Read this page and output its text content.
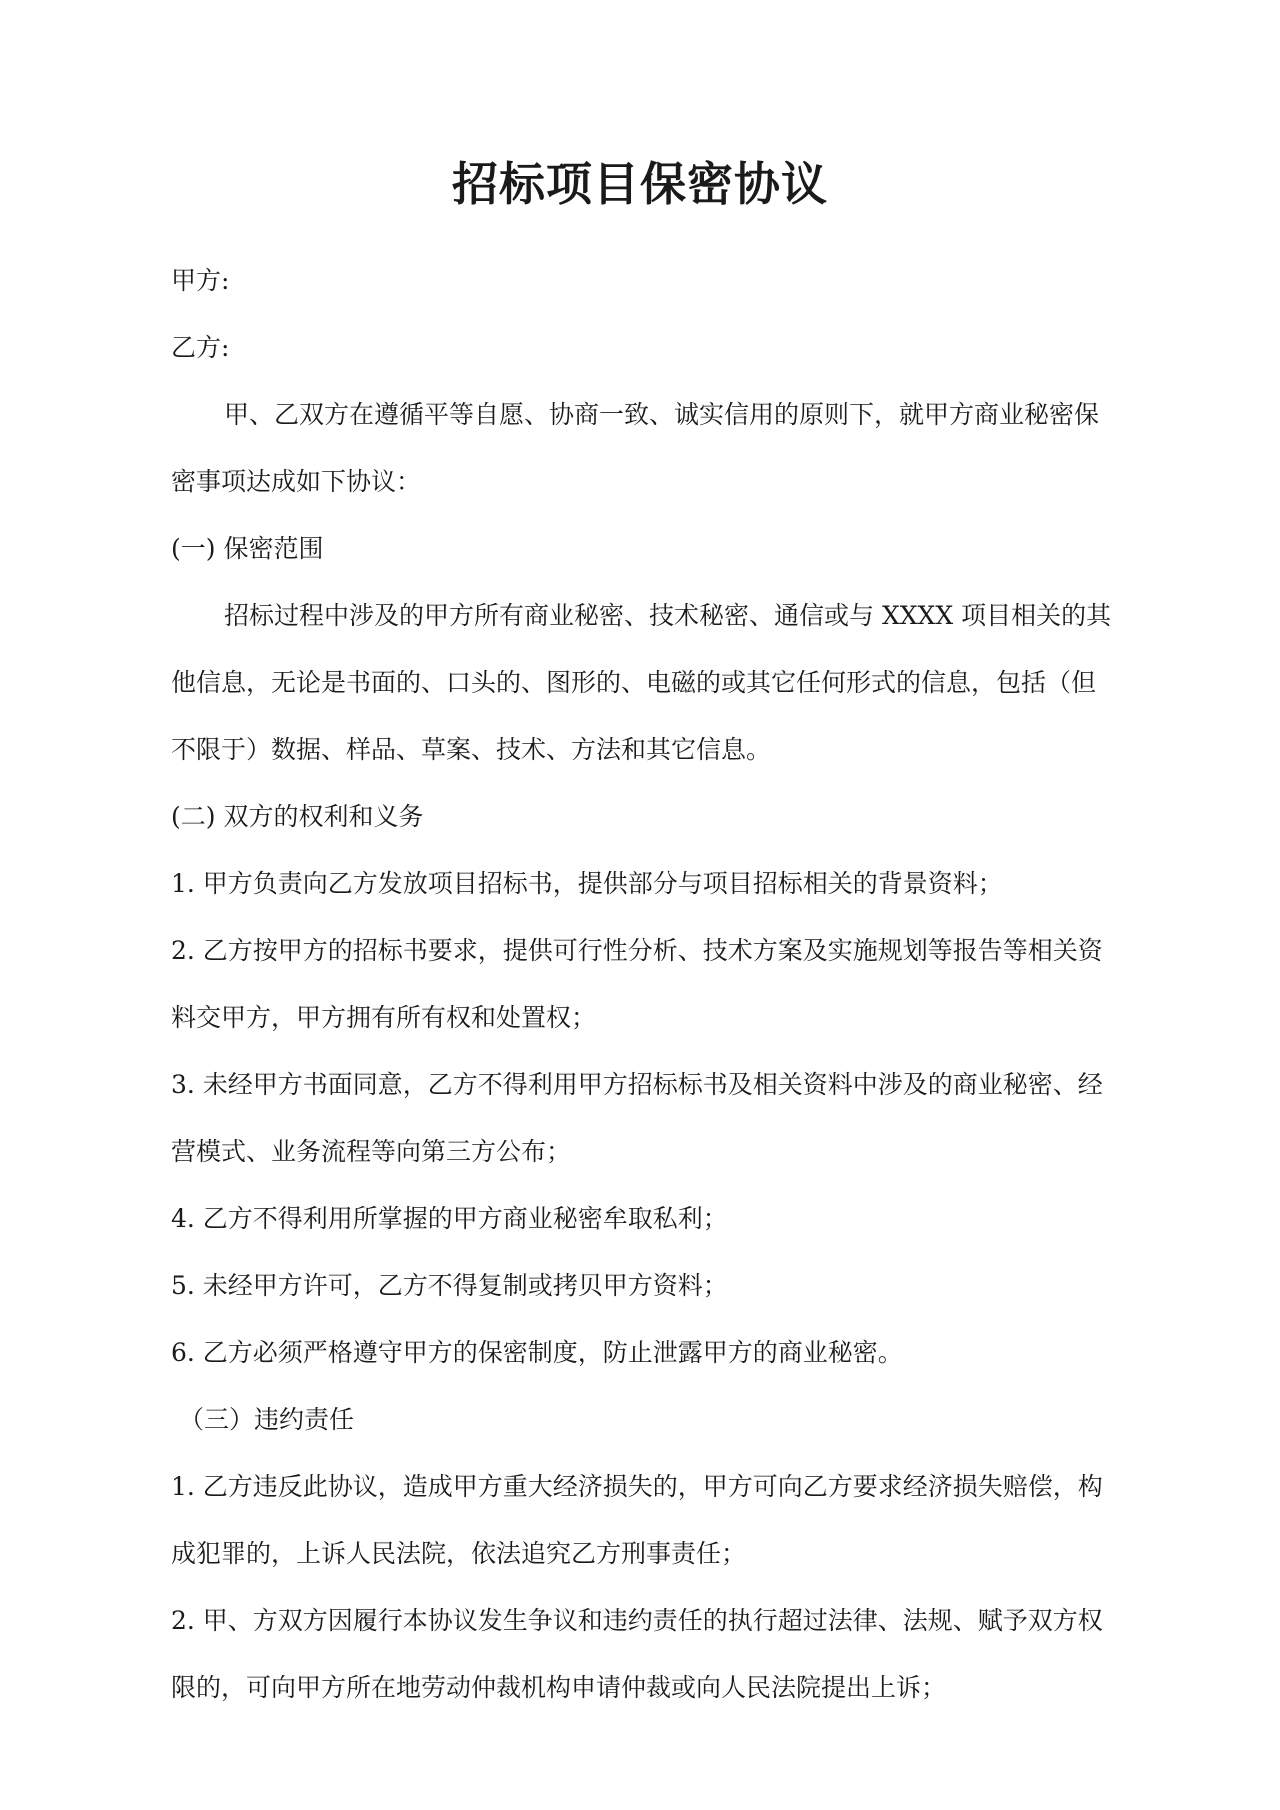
招标项目保密协议
甲方:
乙方:
甲、乙双方在遵循平等自愿、协商一致、诚实信用的原则下，就甲方商业秘密保
密事项达成如下协议：
(一) 保密范围
招标过程中涉及的甲方所有商业秘密、技术秘密、通信或与 XXXX 项目相关的其
他信息，无论是书面的、口头的、图形的、电磁的或其它任何形式的信息，包括（但
不限于）数据、样品、草案、技术、方法和其它信息。
(二) 双方的权利和义务
1. 甲方负责向乙方发放项目招标书，提供部分与项目招标相关的背景资料；
2. 乙方按甲方的招标书要求，提供可行性分析、技术方案及实施规划等报告等相关资
料交甲方，甲方拥有所有权和处置权；
3. 未经甲方书面同意，乙方不得利用甲方招标标书及相关资料中涉及的商业秘密、经
营模式、业务流程等向第三方公布；
4. 乙方不得利用所掌握的甲方商业秘密牟取私利；
5. 未经甲方许可，乙方不得复制或拷贝甲方资料；
6. 乙方必须严格遵守甲方的保密制度，防止泄露甲方的商业秘密。
（三）违约责任
1. 乙方违反此协议，造成甲方重大经济损失的，甲方可向乙方要求经济损失赔偿，构
成犯罪的，上诉人民法院，依法追究乙方刑事责任；
2. 甲、方双方因履行本协议发生争议和违约责任的执行超过法律、法规、赋予双方权
限的，可向甲方所在地劳动仲裁机构申请仲裁或向人民法院提出上诉；
